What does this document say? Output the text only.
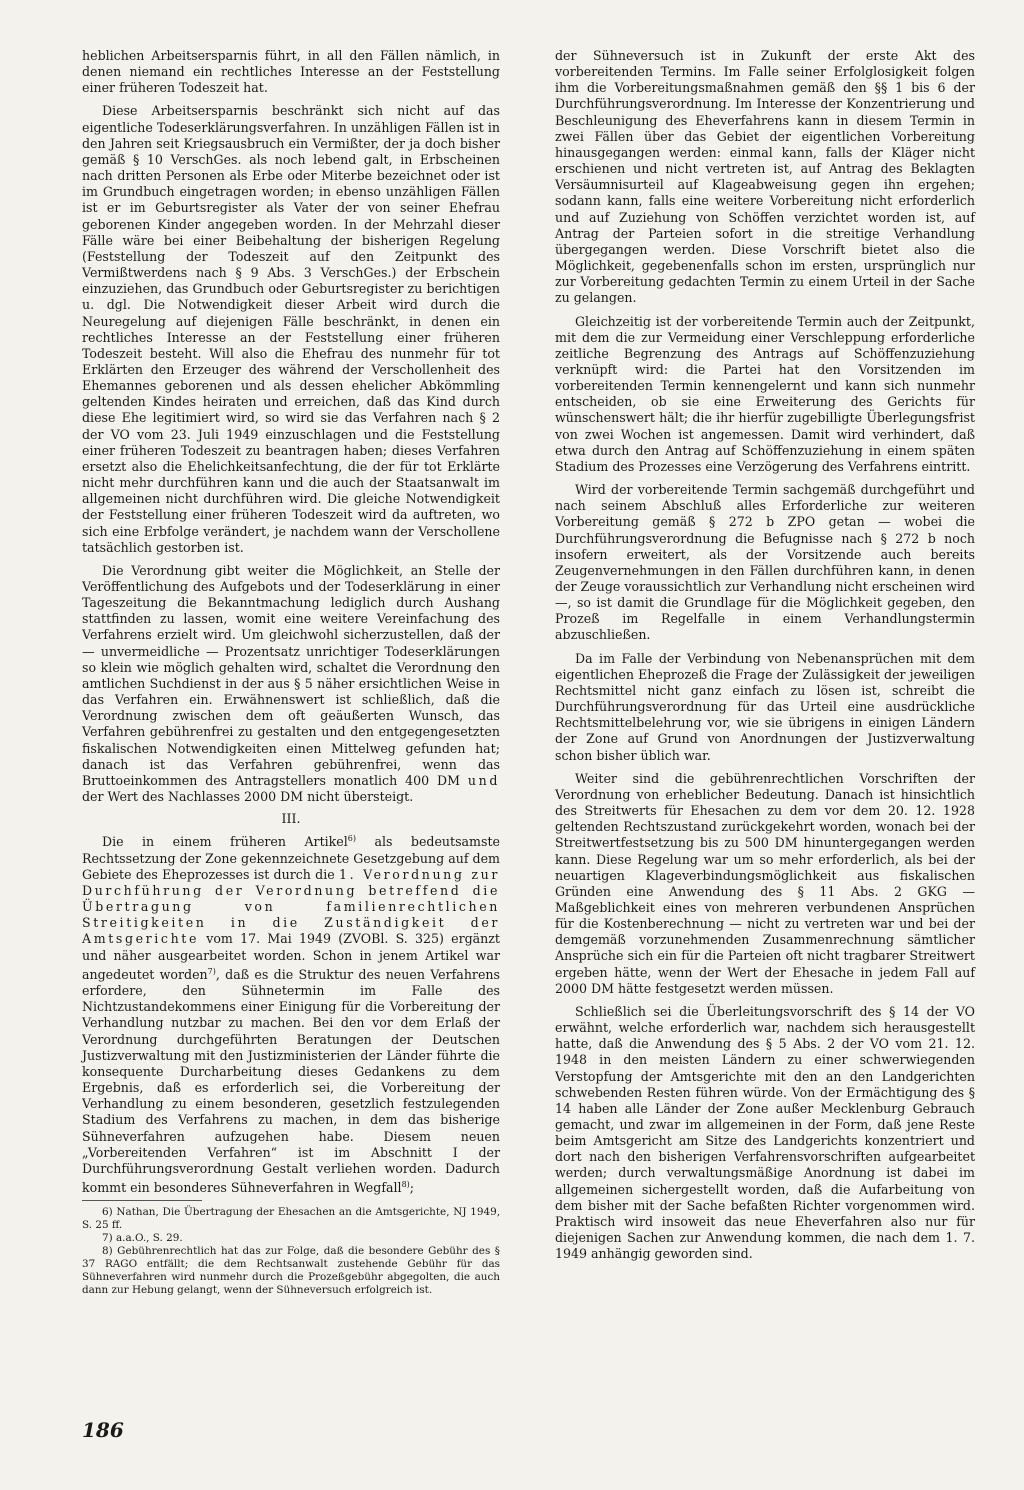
heblichen Arbeitsersparnis führt, in all den Fällen nämlich, in denen niemand ein rechtliches Interesse an der Feststellung einer früheren Todeszeit hat.

Diese Arbeitsersparnis beschränkt sich nicht auf das eigentliche Todeserklärungsverfahren. In unzähligen Fällen ist in den Jahren seit Kriegsausbruch ein Vermißter, der ja doch bisher gemäß § 10 VerschGes. als noch lebend galt, in Erbscheinen nach dritten Personen als Erbe oder Miterbe bezeichnet oder ist im Grundbuch eingetragen worden; in ebenso unzähligen Fällen ist er im Geburtsregister als Vater der von seiner Ehefrau geborenen Kinder angegeben worden. In der Mehrzahl dieser Fälle wäre bei einer Beibehaltung der bisherigen Regelung (Feststellung der Todeszeit auf den Zeitpunkt des Vermißtwerdens nach § 9 Abs. 3 VerschGes.) der Erbschein einzuziehen, das Grundbuch oder Geburtsregister zu berichtigen u. dgl. Die Notwendigkeit dieser Arbeit wird durch die Neuregelung auf diejenigen Fälle beschränkt, in denen ein rechtliches Interesse an der Feststellung einer früheren Todeszeit besteht. Will also die Ehefrau des nunmehr für tot Erklärten den Erzeuger des während der Verschollenheit des Ehemannes geborenen und als dessen ehelicher Abkömmling geltenden Kindes heiraten und erreichen, daß das Kind durch diese Ehe legitimiert wird, so wird sie das Verfahren nach § 2 der VO vom 23. Juli 1949 einzuschlagen und die Feststellung einer früheren Todeszeit zu beantragen haben; dieses Verfahren ersetzt also die Ehelichkeitsanfechtung, die der für tot Erklärte nicht mehr durchführen kann und die auch der Staatsanwalt im allgemeinen nicht durchführen wird. Die gleiche Notwendigkeit der Feststellung einer früheren Todeszeit wird da auftreten, wo sich eine Erbfolge verändert, je nachdem wann der Verschollene tatsächlich gestorben ist.

Die Verordnung gibt weiter die Möglichkeit, an Stelle der Veröffentlichung des Aufgebots und der Todeserklärung in einer Tageszeitung die Bekanntmachung lediglich durch Aushang stattfinden zu lassen, womit eine weitere Vereinfachung des Verfahrens erzielt wird. Um gleichwohl sicherzustellen, daß der — unvermeidliche — Prozentsatz unrichtiger Todeserklärungen so klein wie möglich gehalten wird, schaltet die Verordnung den amtlichen Suchdienst in der aus § 5 näher ersichtlichen Weise in das Verfahren ein. Erwähnenswert ist schließlich, daß die Verordnung zwischen dem oft geäußerten Wunsch, das Verfahren gebührenfrei zu gestalten und den entgegengesetzten fiskalischen Notwendigkeiten einen Mittelweg gefunden hat; danach ist das Verfahren gebührenfrei, wenn das Bruttoeinkommen des Antragstellers monatlich 400 DM und der Wert des Nachlasses 2000 DM nicht übersteigt.

III.

Die in einem früheren Artikel$^{6)}$ als bedeutsamste Rechtssetzung der Zone gekennzeichnete Gesetzgebung auf dem Gebiete des Eheprozesses ist durch die 1. Verordnung zur Durchführung der Verordnung betreffend die Übertragung von familienrechtlichen Streitigkeiten in die Zuständigkeit der Amtsgerichte vom 17. Mai 1949 (ZVOBl. S. 325) ergänzt und näher ausgearbeitet worden. Schon in jenem Artikel war angedeutet worden$^{7)}$, daß es die Struktur des neuen Verfahrens erfordere, den Sühnetermin im Falle des Nichtzustandekommens einer Einigung für die Vorbereitung der Verhandlung nutzbar zu machen. Bei den vor dem Erlaß der Verordnung durchgeführten Beratungen der Deutschen Justizverwaltung mit den Justizministerien der Länder führte die konsequente Durcharbeitung dieses Gedankens zu dem Ergebnis, daß es erforderlich sei, die Vorbereitung der Verhandlung zu einem besonderen, gesetzlich festzulegenden Stadium des Verfahrens zu machen, in dem das bisherige Sühneverfahren aufzugehen habe. Diesem neuen „Vorbereitenden Verfahren“ ist im Abschnitt I der Durchführungsverordnung Gestalt verliehen worden. Dadurch kommt ein besonderes Sühneverfahren in Wegfall$^{8)}$;

6) Nathan, Die Übertragung der Ehesachen an die Amtsgerichte, NJ 1949, S. 25 ff.

7) a.a.O., S. 29.

8) Gebührenrechtlich hat das zur Folge, daß die besondere Gebühr des § 37 RAGO entfällt; die dem Rechtsanwalt zustehende Gebühr für das Sühneverfahren wird nunmehr durch die Prozeßgebühr abgegolten, die auch dann zur Hebung gelangt, wenn der Sühneversuch erfolgreich ist.

der Sühneversuch ist in Zukunft der erste Akt des vorbereitenden Termins. Im Falle seiner Erfolglosigkeit folgen ihm die Vorbereitungsmaßnahmen gemäß den §§ 1 bis 6 der Durchführungsverordnung. Im Interesse der Konzentrierung und Beschleunigung des Eheverfahrens kann in diesem Termin in zwei Fällen über das Gebiet der eigentlichen Vorbereitung hinausgegangen werden: einmal kann, falls der Kläger nicht erschienen und nicht vertreten ist, auf Antrag des Beklagten Versäumnisurteil auf Klageabweisung gegen ihn ergehen; sodann kann, falls eine weitere Vorbereitung nicht erforderlich und auf Zuziehung von Schöffen verzichtet worden ist, auf Antrag der Parteien sofort in die streitige Verhandlung übergegangen werden. Diese Vorschrift bietet also die Möglichkeit, gegebenenfalls schon im ersten, ursprünglich nur zur Vorbereitung gedachten Termin zu einem Urteil in der Sache zu gelangen.

Gleichzeitig ist der vorbereitende Termin auch der Zeitpunkt, mit dem die zur Vermeidung einer Verschleppung erforderliche zeitliche Begrenzung des Antrags auf Schöffenzuziehung verknüpft wird: die Partei hat den Vorsitzenden im vorbereitenden Termin kennengelernt und kann sich nunmehr entscheiden, ob sie eine Erweiterung des Gerichts für wünschenswert hält; die ihr hierfür zugebilligte Überlegungsfrist von zwei Wochen ist angemessen. Damit wird verhindert, daß etwa durch den Antrag auf Schöffenzuziehung in einem späten Stadium des Prozesses eine Verzögerung des Verfahrens eintritt.

Wird der vorbereitende Termin sachgemäß durchgeführt und nach seinem Abschluß alles Erforderliche zur weiteren Vorbereitung gemäß § 272 b ZPO getan — wobei die Durchführungsverordnung die Befugnisse nach § 272 b noch insofern erweitert, als der Vorsitzende auch bereits Zeugenvernehmungen in den Fällen durchführen kann, in denen der Zeuge voraussichtlich zur Verhandlung nicht erscheinen wird —, so ist damit die Grundlage für die Möglichkeit gegeben, den Prozeß im Regelfalle in einem Verhandlungstermin abzuschließen.

Da im Falle der Verbindung von Nebenansprüchen mit dem eigentlichen Eheprozeß die Frage der Zulässigkeit der jeweiligen Rechtsmittel nicht ganz einfach zu lösen ist, schreibt die Durchführungsverordnung für das Urteil eine ausdrückliche Rechtsmittelbelehrung vor, wie sie übrigens in einigen Ländern der Zone auf Grund von Anordnungen der Justizverwaltung schon bisher üblich war.

Weiter sind die gebührenrechtlichen Vorschriften der Verordnung von erheblicher Bedeutung. Danach ist hinsichtlich des Streitwerts für Ehesachen zu dem vor dem 20. 12. 1928 geltenden Rechtszustand zurückgekehrt worden, wonach bei der Streitwertfestsetzung bis zu 500 DM hinuntergegangen werden kann. Diese Regelung war um so mehr erforderlich, als bei der neuartigen Klageverbindungsmöglichkeit aus fiskalischen Gründen eine Anwendung des § 11 Abs. 2 GKG — Maßgeblichkeit eines von mehreren verbundenen Ansprüchen für die Kostenberechnung — nicht zu vertreten war und bei der demgemäß vorzunehmenden Zusammenrechnung sämtlicher Ansprüche sich ein für die Parteien oft nicht tragbarer Streitwert ergeben hätte, wenn der Wert der Ehesache in jedem Fall auf 2000 DM hätte festgesetzt werden müssen.

Schließlich sei die Überleitungsvorschrift des § 14 der VO erwähnt, welche erforderlich war, nachdem sich herausgestellt hatte, daß die Anwendung des § 5 Abs. 2 der VO vom 21. 12. 1948 in den meisten Ländern zu einer schwerwiegenden Verstopfung der Amtsgerichte mit den an den Landgerichten schwebenden Resten führen würde. Von der Ermächtigung des § 14 haben alle Länder der Zone außer Mecklenburg Gebrauch gemacht, und zwar im allgemeinen in der Form, daß jene Reste beim Amtsgericht am Sitze des Landgerichts konzentriert und dort nach den bisherigen Verfahrensvorschriften aufgearbeitet werden; durch verwaltungsmäßige Anordnung ist dabei im allgemeinen sichergestellt worden, daß die Aufarbeitung von dem bisher mit der Sache befaßten Richter vorgenommen wird. Praktisch wird insoweit das neue Eheverfahren also nur für diejenigen Sachen zur Anwendung kommen, die nach dem 1. 7. 1949 anhängig geworden sind.

186
